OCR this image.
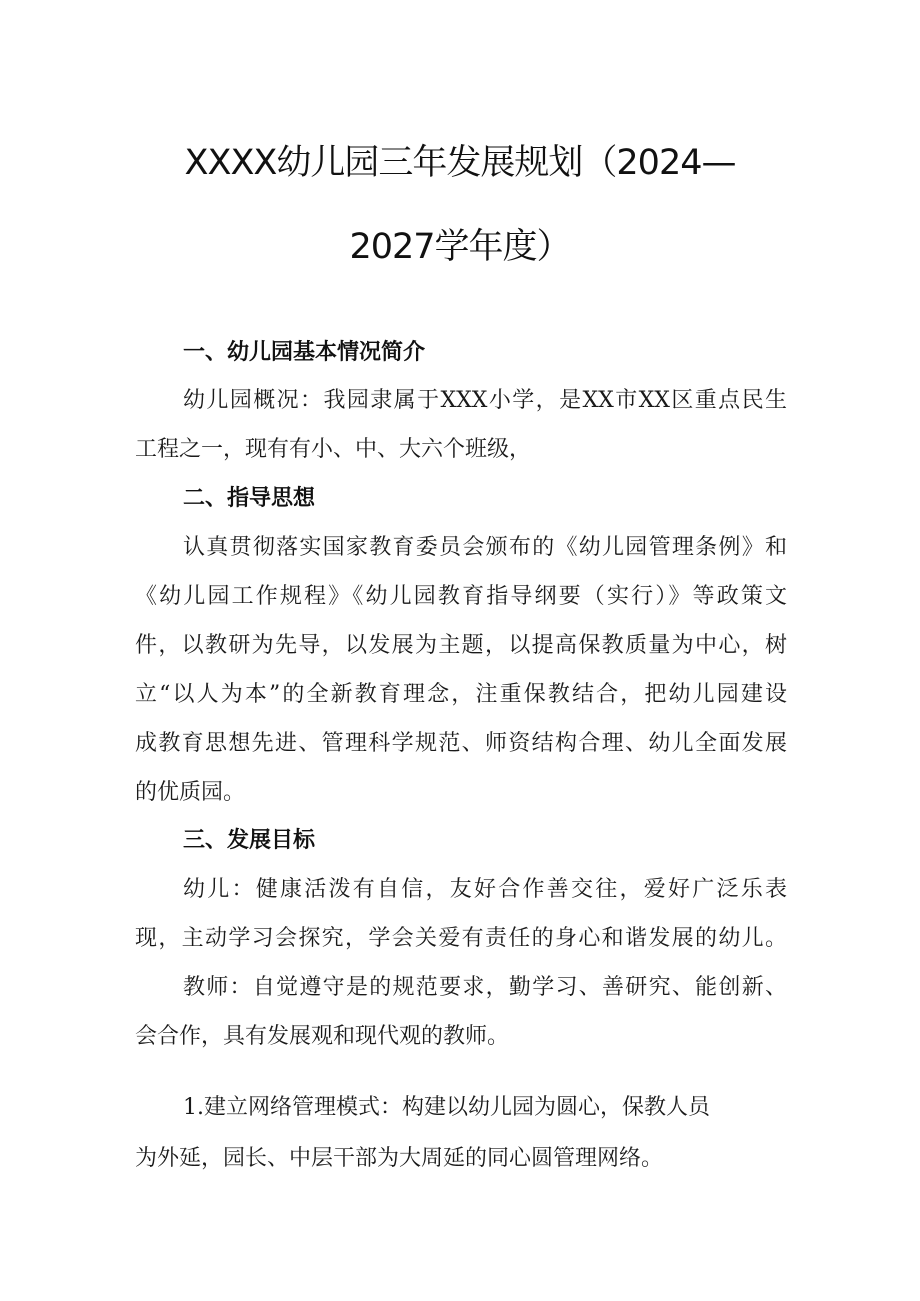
XXXX幼儿园三年发展规划（2024—
2027学年度）
一、幼儿园基本情况简介
幼儿园概况：我园隶属于XXX小学，是XX市XX区重点民生
工程之一，现有有小、中、大六个班级，
二、指导思想
认真贯彻落实国家教育委员会颁布的《幼儿园管理条例》和
《幼儿园工作规程》《幼儿园教育指导纲要（实行）》等政策文
件，以教研为先导，以发展为主题，以提高保教质量为中心，树
立“以人为本”的全新教育理念，注重保教结合，把幼儿园建设
成教育思想先进、管理科学规范、师资结构合理、幼儿全面发展
的优质园。
三、发展目标
幼儿：健康活泼有自信，友好合作善交往，爱好广泛乐表
现，主动学习会探究，学会关爱有责任的身心和谐发展的幼儿。
教师：自觉遵守是的规范要求，勤学习、善研究、能创新、
会合作，具有发展观和现代观的教师。
1.建立网络管理模式：构建以幼儿园为圆心，保教人员
为外延，园长、中层干部为大周延的同心圆管理网络。
